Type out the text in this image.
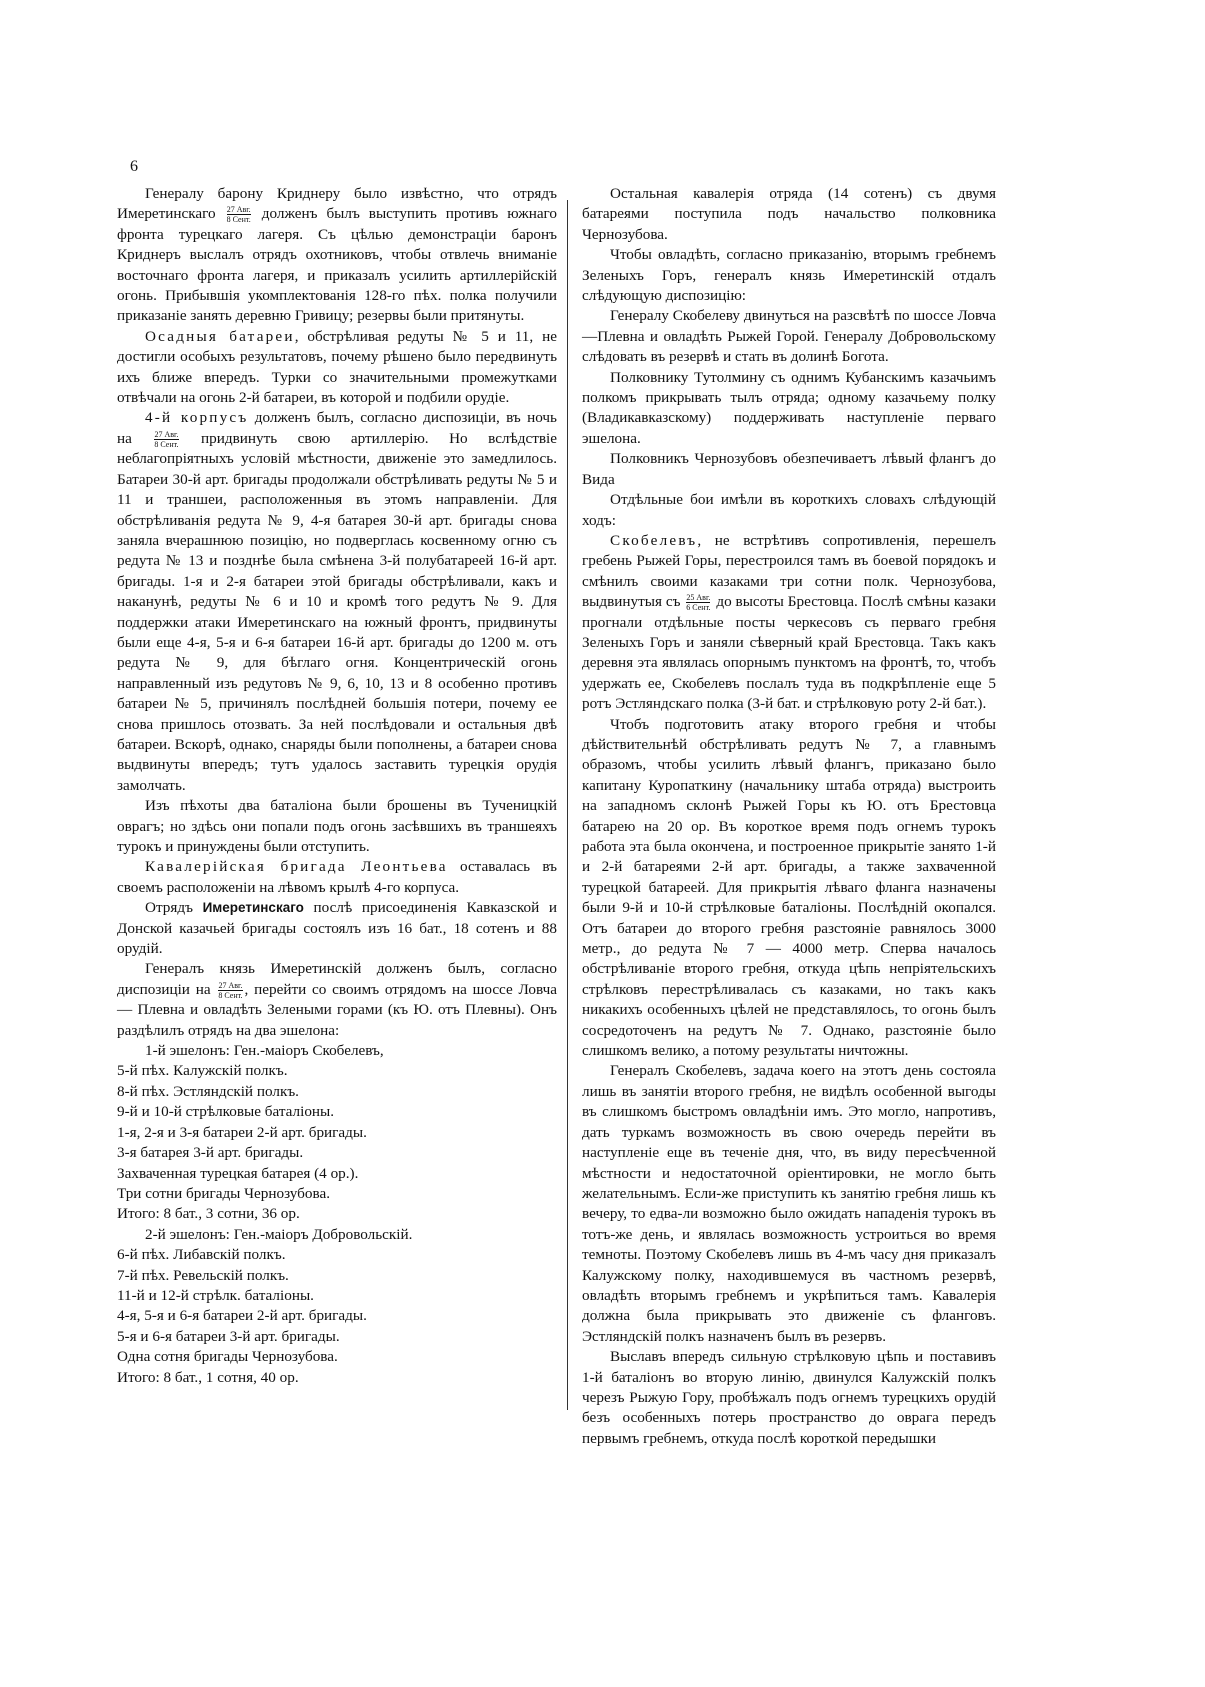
6

Генералу барону Криднеру было извѣстно, что отрядъ Имеретинскаго $\frac{\text{27 Авг.}}{\text{8 Сент.}}$ долженъ былъ выступить противъ южнаго фронта турецкаго лагеря. Съ цѣлью демонстраціи баронъ Криднеръ выслалъ отрядъ охотниковъ, чтобы отвлечь вниманіе восточнаго фронта лагеря, и приказалъ усилить артиллерійскій огонь. Прибывшія укомплектованія 128-го пѣх. полка получили приказаніе занять деревню Гривицу; резервы были притянуты.

Осадныя батареи, обстрѣливая редуты № 5 и 11, не достигли особыхъ результатовъ, почему рѣшено было передвинуть ихъ ближе впередъ. Турки со значительными промежутками отвѣчали на огонь 2-й батареи, въ которой и подбили орудіе.

4-й корпусъ долженъ былъ, согласно диспозиціи, въ ночь на $\frac{\text{27 Авг.}}{\text{8 Сент.}}$ придвинуть свою артиллерію. Но вслѣдствіе неблагопріятныхъ условій мѣстности, движеніе это замедлилось. Батареи 30-й арт. бригады продолжали обстрѣливать редуты № 5 и 11 и траншеи, расположенныя въ этомъ направленіи. Для обстрѣливанія редута № 9, 4-я батарея 30-й арт. бригады снова заняла вчерашнюю позицію, но подверглась косвенному огню съ редута № 13 и позднѣе была смѣнена 3-й полубатареей 16-й арт. бригады. 1-я и 2-я батареи этой бригады обстрѣливали, какъ и наканунѣ, редуты № 6 и 10 и кромѣ того редутъ № 9. Для поддержки атаки Имеретинскаго на южный фронтъ, придвинуты были еще 4-я, 5-я и 6-я батареи 16-й арт. бригады до 1200 м. отъ редута № 9, для бѣглаго огня. Концентрическій огонь направленный изъ редутовъ № 9, 6, 10, 13 и 8 особенно противъ батареи № 5, причинялъ послѣдней большія потери, почему ее снова пришлось отозвать. За ней послѣдовали и остальныя двѣ батареи. Вскорѣ, однако, снаряды были пополнены, а батареи снова выдвинуты впередъ; тутъ удалось заставить турецкія орудія замолчать.

Изъ пѣхоты два баталіона были брошены въ Тученицкій оврагъ; но здѣсь они попали подъ огонь засѣвшихъ въ траншеяхъ турокъ и принуждены были отступить.

Кавалерійская бригада Леонтьева оставалась въ своемъ расположеніи на лѣвомъ крылѣ 4-го корпуса.

Отрядъ Имеретинскаго послѣ присоединенія Кавказской и Донской казачьей бригады состоялъ изъ 16 бат., 18 сотенъ и 88 орудій.

Генералъ князь Имеретинскій долженъ былъ, согласно диспозиціи на $\frac{\text{27 Авг.}}{\text{8 Сент.}}$ , перейти со своимъ отрядомъ на шоссе Ловча — Плевна и овладѣть Зелеными горами (къ Ю. отъ Плевны). Онъ раздѣлилъ отрядъ на два эшелона:

1-й эшелонъ: Ген.-маіоръ Скобелевъ,
5-й пѣх. Калужскій полкъ.
8-й пѣх. Эстляндскій полкъ.
9-й и 10-й стрѣлковые баталіоны.
1-я, 2-я и 3-я батареи 2-й арт. бригады.
3-я батарея 3-й арт. бригады.
Захваченная турецкая батарея (4 ор.).
Три сотни бригады Чернозубова.
Итого: 8 бат., 3 сотни, 36 ор.
2-й эшелонъ: Ген.-маіоръ Добровольскій.
6-й пѣх. Либавскій полкъ.
7-й пѣх. Ревельскій полкъ.
11-й и 12-й стрѣлк. баталіоны.
4-я, 5-я и 6-я батареи 2-й арт. бригады.
5-я и 6-я батареи 3-й арт. бригады.
Одна сотня бригады Чернозубова.
Итого: 8 бат., 1 сотня, 40 ор.

Остальная кавалерія отряда (14 сотенъ) съ двумя батареями поступила подъ начальство полковника Чернозубова.

Чтобы овладѣть, согласно приказанію, вторымъ гребнемъ Зеленыхъ Горъ, генералъ князь Имеретинскій отдалъ слѣдующую диспозицію:

Генералу Скобелеву двинуться на разсвѣтѣ по шоссе Ловча—Плевна и овладѣть Рыжей Горой. Генералу Добровольскому слѣдовать въ резервѣ и стать въ долинѣ Богота.

Полковнику Тутолмину съ однимъ Кубанскимъ казачьимъ полкомъ прикрывать тылъ отряда; одному казачьему полку (Владикавказскому) поддерживать наступленіе перваго эшелона.

Полковникъ Чернозубовъ обезпечиваетъ лѣвый флангъ до Вида

Отдѣльные бои имѣли въ короткихъ словахъ слѣдующій ходъ:

Скобелевъ, не встрѣтивъ сопротивленія, перешелъ гребень Рыжей Горы, перестроился тамъ въ боевой порядокъ и смѣнилъ своими казаками три сотни полк. Чернозубова, выдвинутыя съ $\frac{\text{25 Авг.}}{\text{6 Сент.}}$ до высоты Брестовца. Послѣ смѣны казаки прогнали отдѣльные посты черкесовъ съ перваго гребня Зеленыхъ Горъ и заняли сѣверный край Брестовца. Такъ какъ деревня эта являлась опорнымъ пунктомъ на фронтѣ, то, чтобъ удержать ее, Скобелевъ послалъ туда въ подкрѣпленіе еще 5 ротъ Эстляндскаго полка (3-й бат. и стрѣлковую роту 2-й бат.).

Чтобъ подготовить атаку второго гребня и чтобы дѣйствительнѣй обстрѣливать редутъ № 7, а главнымъ образомъ, чтобы усилить лѣвый флангъ, приказано было капитану Куропаткину (начальнику штаба отряда) выстроить на западномъ склонѣ Рыжей Горы къ Ю. отъ Брестовца батарею на 20 ор. Въ короткое время подъ огнемъ турокъ работа эта была окончена, и построенное прикрытіе занято 1-й и 2-й батареями 2-й арт. бригады, а также захваченной турецкой батареей. Для прикрытія лѣваго фланга назначены были 9-й и 10-й стрѣлковые баталіоны. Послѣдній окопался. Отъ батареи до второго гребня разстояніе равнялось 3000 метр., до редута № 7 — 4000 метр. Сперва началось обстрѣливаніе второго гребня, откуда цѣпь непріятельскихъ стрѣлковъ перестрѣливалась съ казаками, но такъ какъ никакихъ особенныхъ цѣлей не представлялось, то огонь былъ сосредоточенъ на редутъ № 7. Однако, разстояніе было слишкомъ велико, а потому результаты ничтожны.

Генералъ Скобелевъ, задача коего на этотъ день состояла лишь въ занятіи второго гребня, не видѣлъ особенной выгоды въ слишкомъ быстромъ овладѣніи имъ. Это могло, напротивъ, дать туркамъ возможность въ свою очередь перейти въ наступленіе еще въ теченіе дня, что, въ виду пересѣченной мѣстности и недостаточной оріентировки, не могло быть желательнымъ. Если-же приступить къ занятію гребня лишь къ вечеру, то едва-ли возможно было ожидать нападенія турокъ въ тотъ-же день, и являлась возможность устроиться во время темноты. Поэтому Скобелевъ лишь въ 4-мъ часу дня приказалъ Калужскому полку, находившемуся въ частномъ резервѣ, овладѣть вторымъ гребнемъ и укрѣпиться тамъ. Кавалерія должна была прикрывать это движеніе съ фланговъ. Эстляндскій полкъ назначенъ былъ въ резервъ.

Выславъ впередъ сильную стрѣлковую цѣпь и поставивъ 1-й баталіонъ во вторую линію, двинулся Калужскій полкъ черезъ Рыжую Гору, пробѣжалъ подъ огнемъ турецкихъ орудій безъ особенныхъ потерь пространство до оврага передъ первымъ гребнемъ, откуда послѣ короткой передышки
